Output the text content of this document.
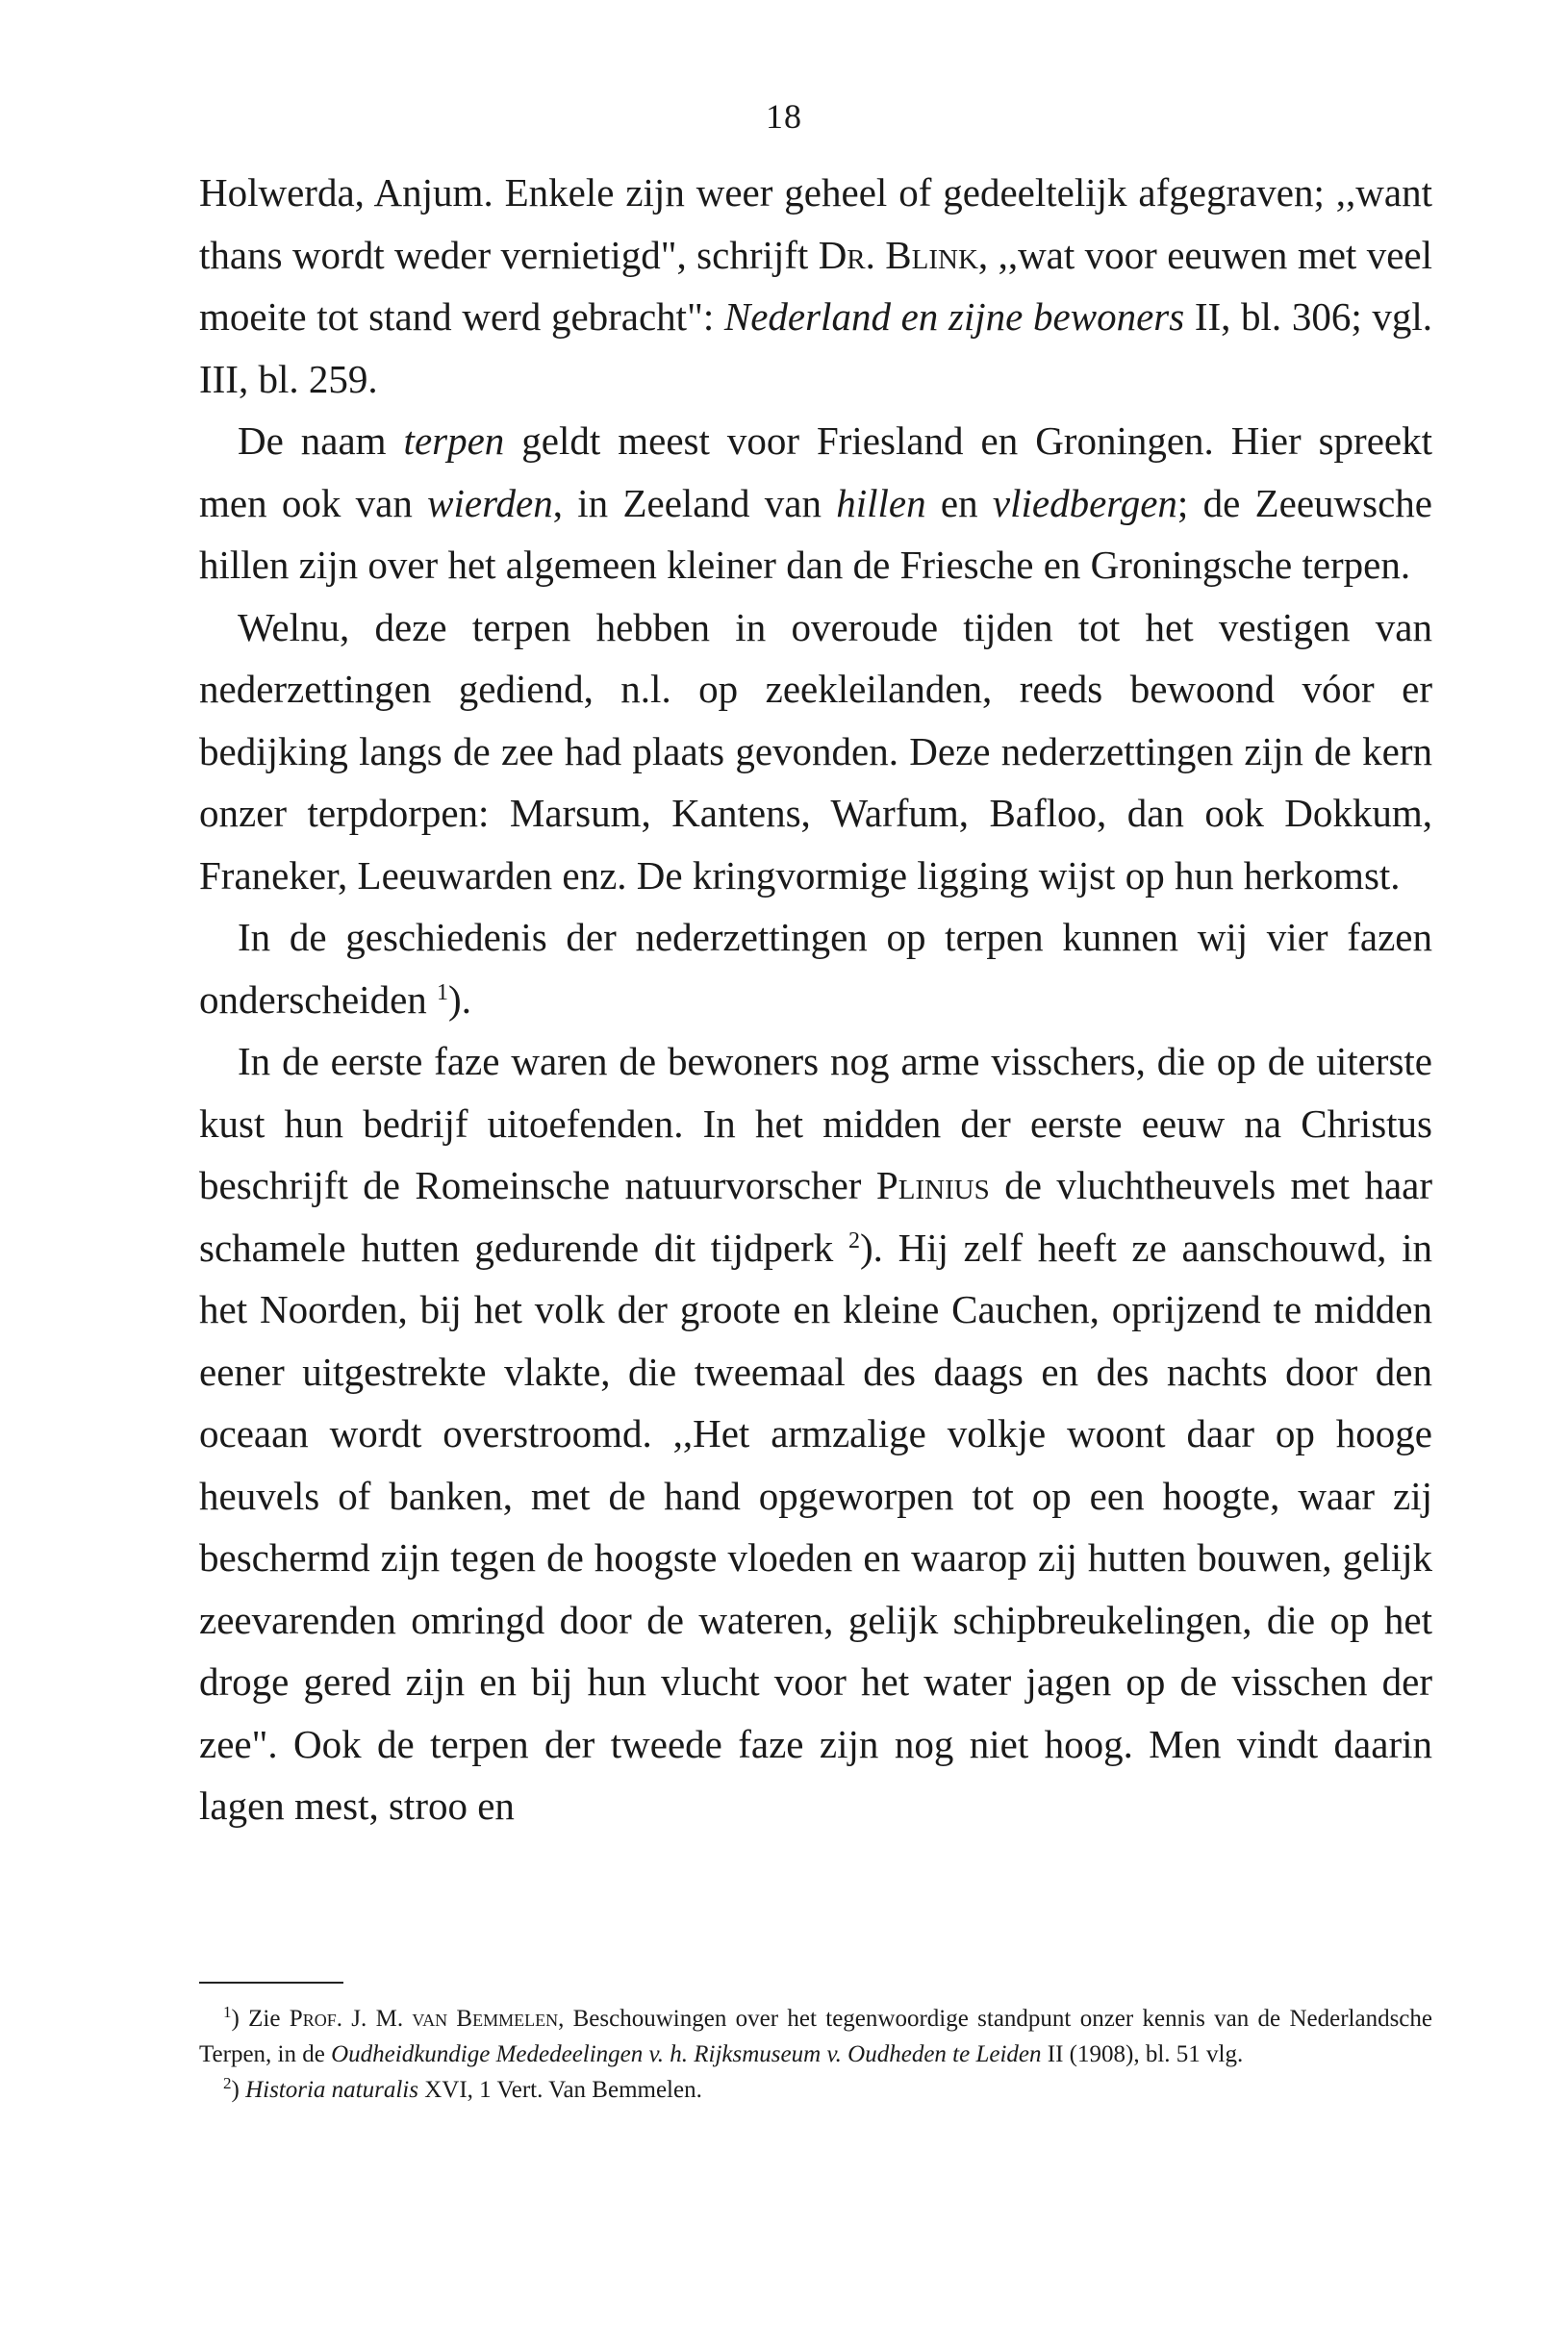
18

Holwerda, Anjum. Enkele zijn weer geheel of gedeeltelijk afgegraven; ,,want thans wordt weder vernietigd", schrijft Dr. Blink, ,,wat voor eeuwen met veel moeite tot stand werd gebracht": Nederland en zijne bewoners II, bl. 306; vgl. III, bl. 259.

De naam terpen geldt meest voor Friesland en Groningen. Hier spreekt men ook van wierden, in Zeeland van hillen en vliedbergen; de Zeeuwsche hillen zijn over het algemeen kleiner dan de Friesche en Groningsche terpen.

Welnu, deze terpen hebben in overoude tijden tot het vestigen van nederzettingen gediend, n.l. op zeekleilanden, reeds bewoond vóor er bedijking langs de zee had plaats gevonden. Deze nederzettingen zijn de kern onzer terpdorpen: Marsum, Kantens, Warfum, Bafloo, dan ook Dokkum, Franeker, Leeuwarden enz. De kringvormige ligging wijst op hun herkomst.

In de geschiedenis der nederzettingen op terpen kunnen wij vier fazen onderscheiden $^1$).

In de eerste faze waren de bewoners nog arme visschers, die op de uiterste kust hun bedrijf uitoefenden. In het midden der eerste eeuw na Christus beschrijft de Romeinsche natuurvorscher Plinius de vluchtheuvels met haar schamele hutten gedurende dit tijdperk $^2$). Hij zelf heeft ze aanschouwd, in het Noorden, bij het volk der groote en kleine Cauchen, oprijzend te midden eener uitgestrekte vlakte, die tweemaal des daags en des nachts door den oceaan wordt overstroomd. ,,Het armzalige volkje woont daar op hooge heuvels of banken, met de hand opgeworpen tot op een hoogte, waar zij beschermd zijn tegen de hoogste vloeden en waarop zij hutten bouwen, gelijk zeevarenden omringd door de wateren, gelijk schipbreukelingen, die op het droge gered zijn en bij hun vlucht voor het water jagen op de visschen der zee". Ook de terpen der tweede faze zijn nog niet hoog. Men vindt daarin lagen mest, stroo en

$^1$) Zie Prof. J. M. van Bemmelen, Beschouwingen over het tegenwoordige standpunt onzer kennis van de Nederlandsche Terpen, in de Oudheidkundige Mededeelingen v. h. Rijksmuseum v. Oudheden te Leiden II (1908), bl. 51 vlg.

$^2$) Historia naturalis XVI, 1 Vert. Van Bemmelen.
